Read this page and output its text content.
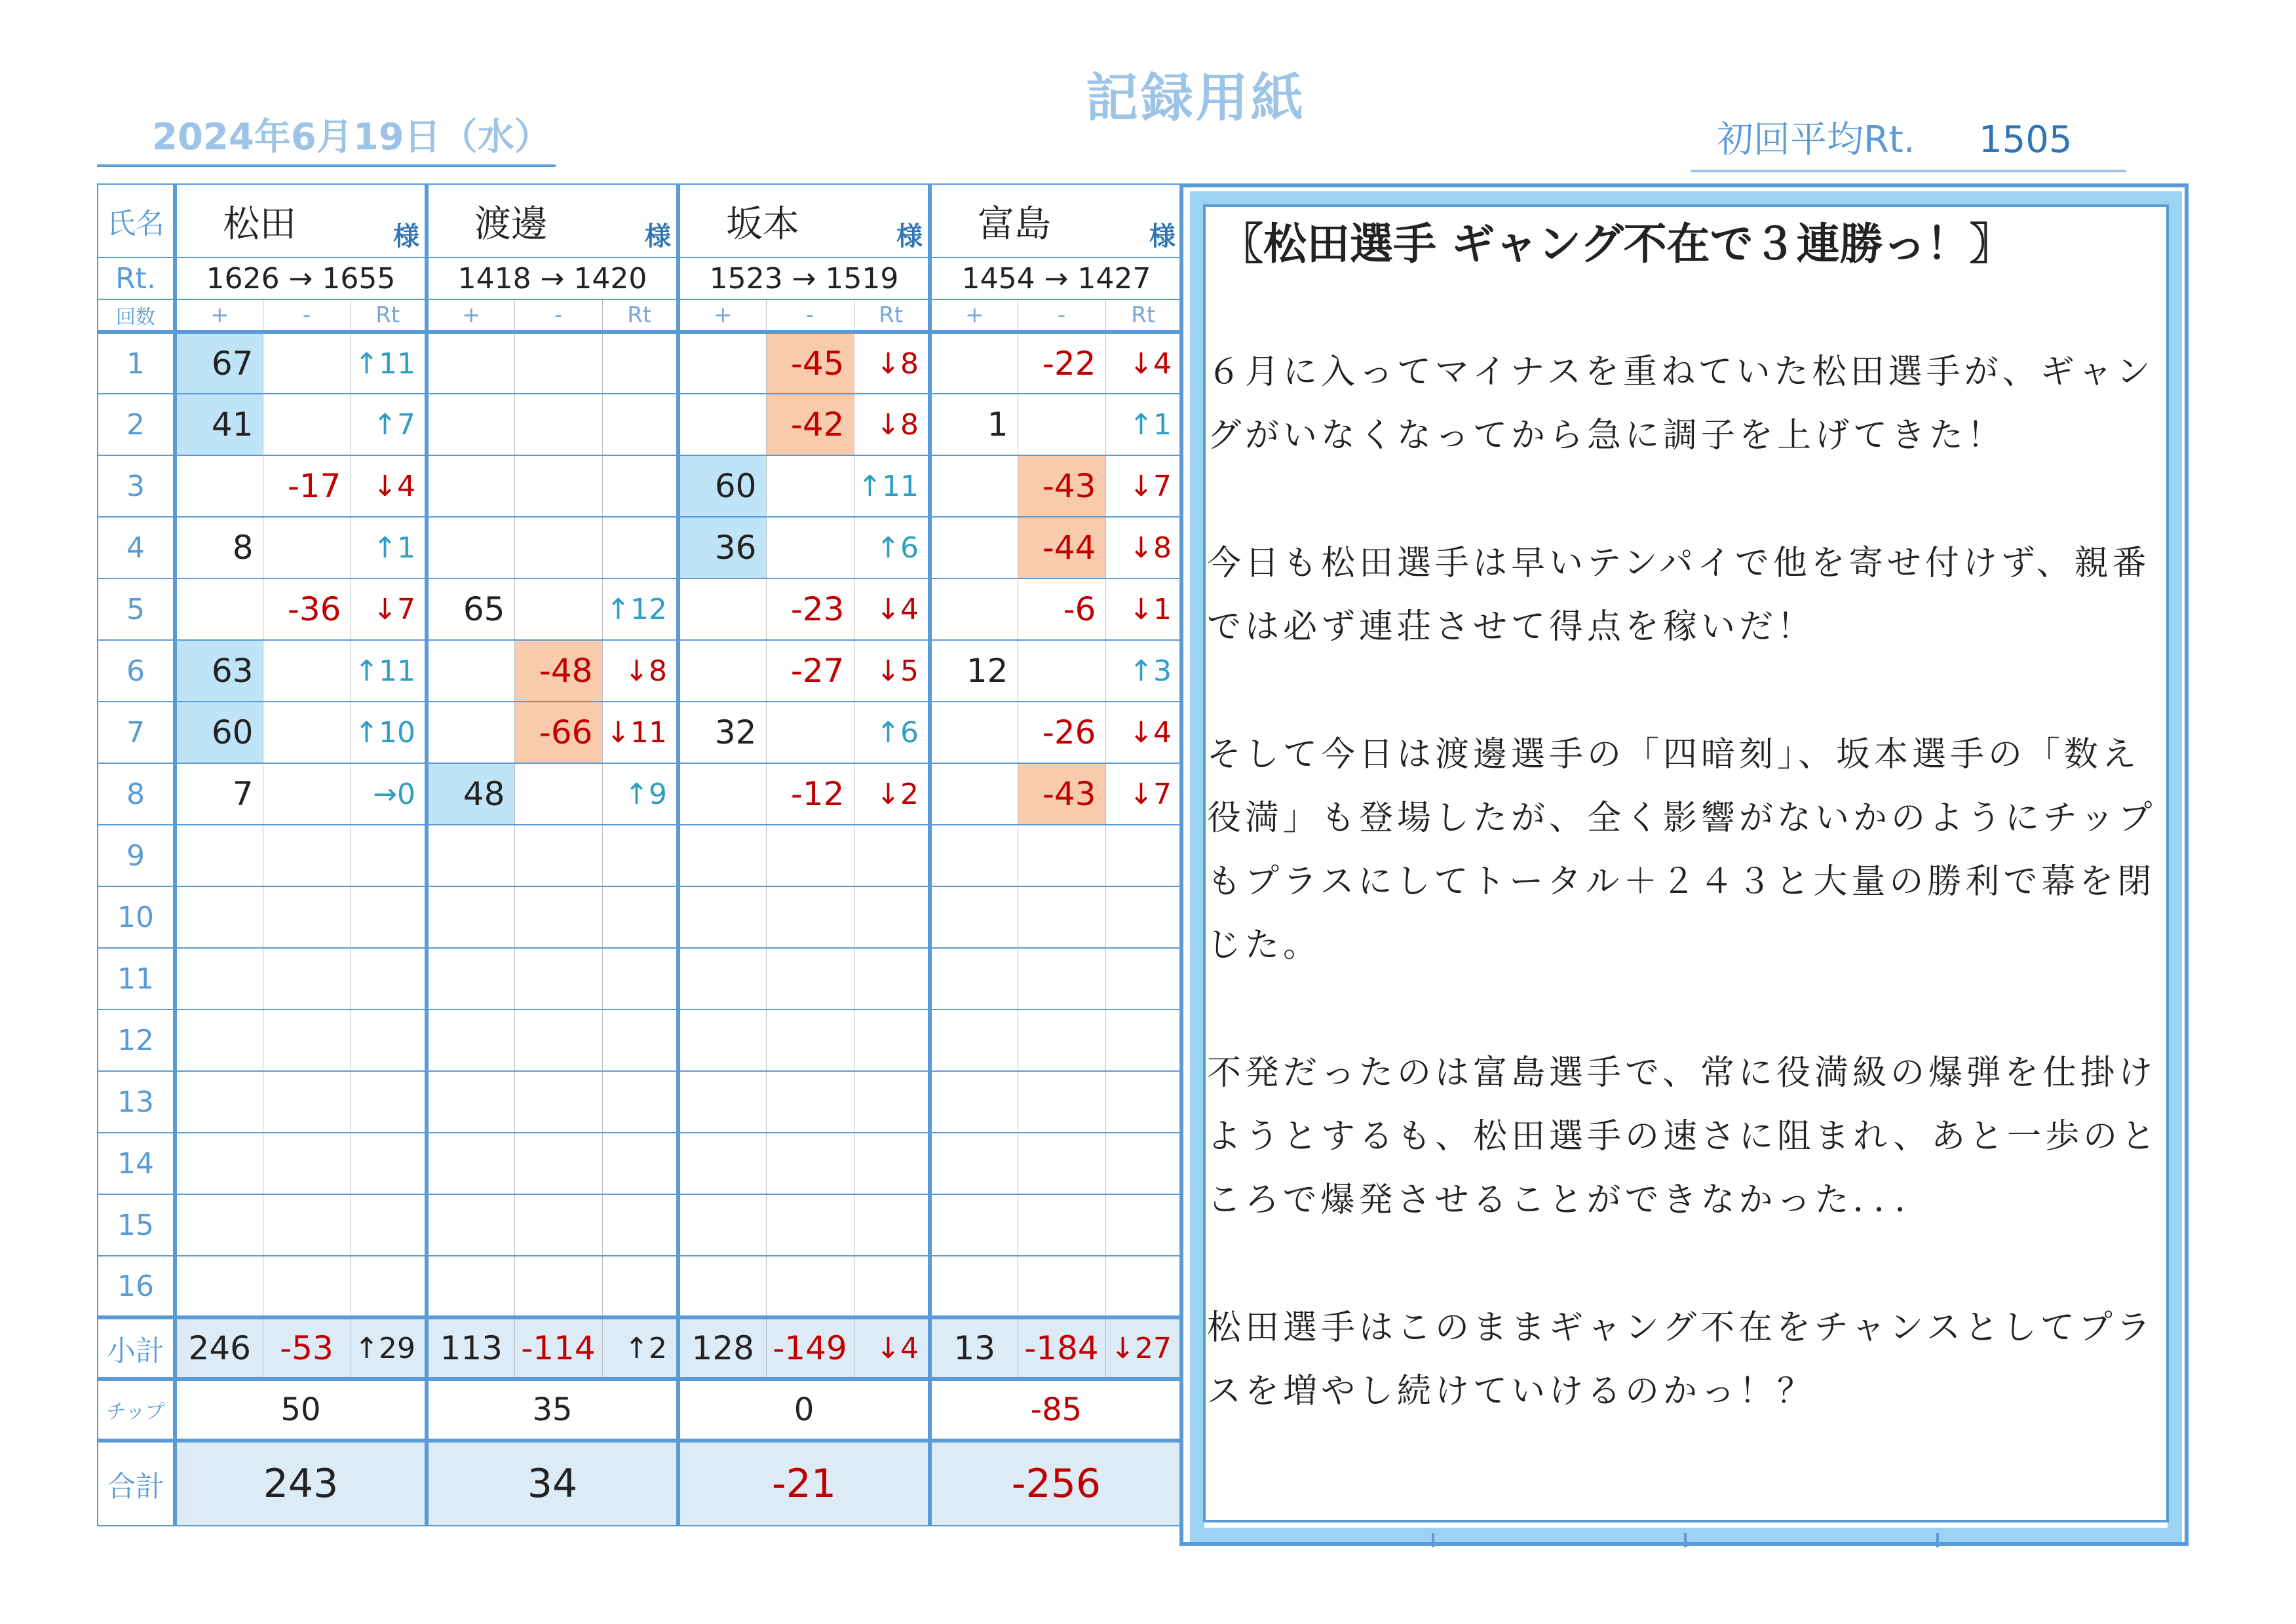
記録用紙
2024年6月19日（水）	初回平均Rt. 1505
氏名	松田 様			渡邊 様			坂本 様			富島 様		

Rt.	1626 → 1655			1418 → 1420			1523 → 1519			1454 → 1427		
回数	+	-	Rt	+	-	Rt	+	-	Rt	+	-	Rt
1	67		↑11					-45	↓8		-22	↓4
2	41		↑7					-42	↓8	1		↑1
3		-17	↓4				60		↑11		-43	↓7
4	8		↑1				36		↑6		-44	↓8
5		-36	↓7	65		↑12		-23	↓4		-6	↓1
6	63		↑11		-48	↓8		-27	↓5	12		↑3
7	60		↑10		-66	↓11	32		↑6		-26	↓4
8	7		→0	48		↑9		-12	↓2		-43	↓7
9												
10												
11												
12												
13												
14												
15												
16												
小計	246	-53	↑29	113	-114	↑2	128	-149	↓4	13	-184	↓27
チップ	50			35			0			-85		
合計	243			34			-21			-256		
〖松田選手 ギャング不在で３連勝っ！〗

６月に入ってマイナスを重ねていた松田選手が、ギャングがいなくなってから急に調子を上げてきた！

今日も松田選手は早いテンパイで他を寄せ付けず、親番では必ず連荘させて得点を稼いだ！

そして今日は渡邊選手の「四暗刻」、坂本選手の「数え役満」も登場したが、全く影響がないかのようにチップもプラスにしてトータル＋２４３と大量の勝利で幕を閉じた。

不発だったのは富島選手で、常に役満級の爆弾を仕掛けようとするも、松田選手の速さに阻まれ、あと一歩のところで爆発させることができなかった．．．

松田選手はこのままギャング不在をチャンスとしてプラスを増やし続けていけるのかっ！？
